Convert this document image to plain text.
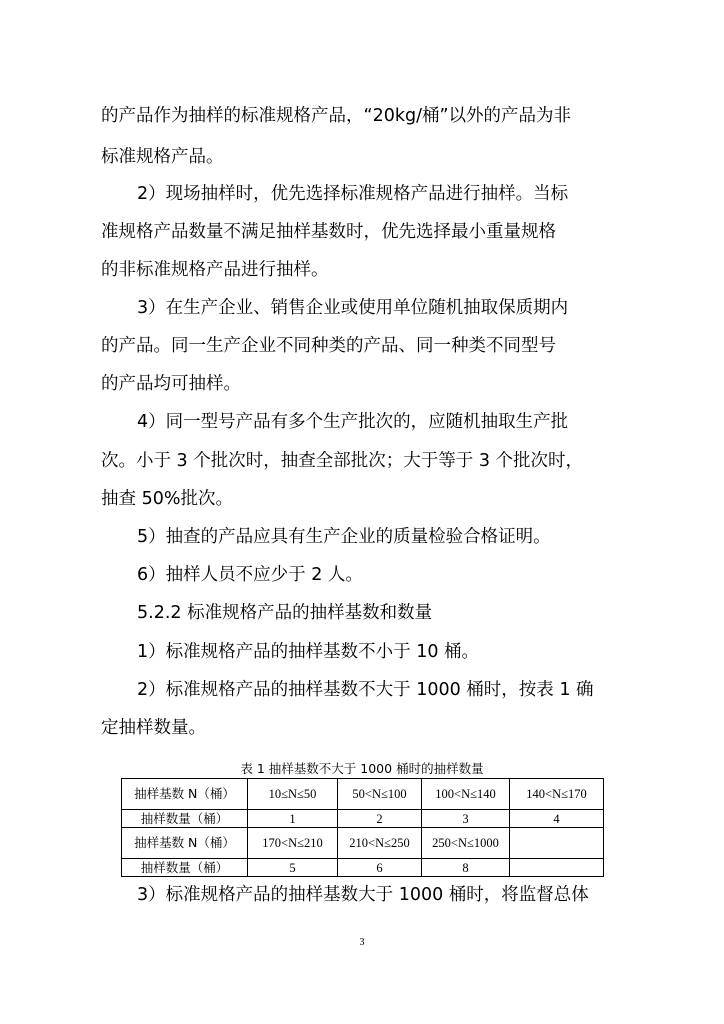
的产品作为抽样的标准规格产品，“20kg/桶”以外的产品为非
标准规格产品。
2）现场抽样时，优先选择标准规格产品进行抽样。当标
准规格产品数量不满足抽样基数时，优先选择最小重量规格
的非标准规格产品进行抽样。
3）在生产企业、销售企业或使用单位随机抽取保质期内
的产品。同一生产企业不同种类的产品、同一种类不同型号
的产品均可抽样。
4）同一型号产品有多个生产批次的，应随机抽取生产批
次。小于 3 个批次时，抽查全部批次；大于等于 3 个批次时，
抽查 50%批次。
5）抽查的产品应具有生产企业的质量检验合格证明。
6）抽样人员不应少于 2 人。
5.2.2 标准规格产品的抽样基数和数量
1）标准规格产品的抽样基数不小于 10 桶。
2）标准规格产品的抽样基数不大于 1000 桶时，按表 1 确
定抽样数量。
3）标准规格产品的抽样基数大于 1000 桶时，将监督总体
表 1 抽样基数不大于 1000 桶时的抽样数量
抽样基数 N（桶）	10≤N≤50	50<N≤100	100<N≤140	140<N≤170
抽样数量（桶）	1	2	3	4
抽样基数 N（桶）	170<N≤210	210<N≤250	250<N≤1000	
抽样数量（桶）	5	6	8	
3
